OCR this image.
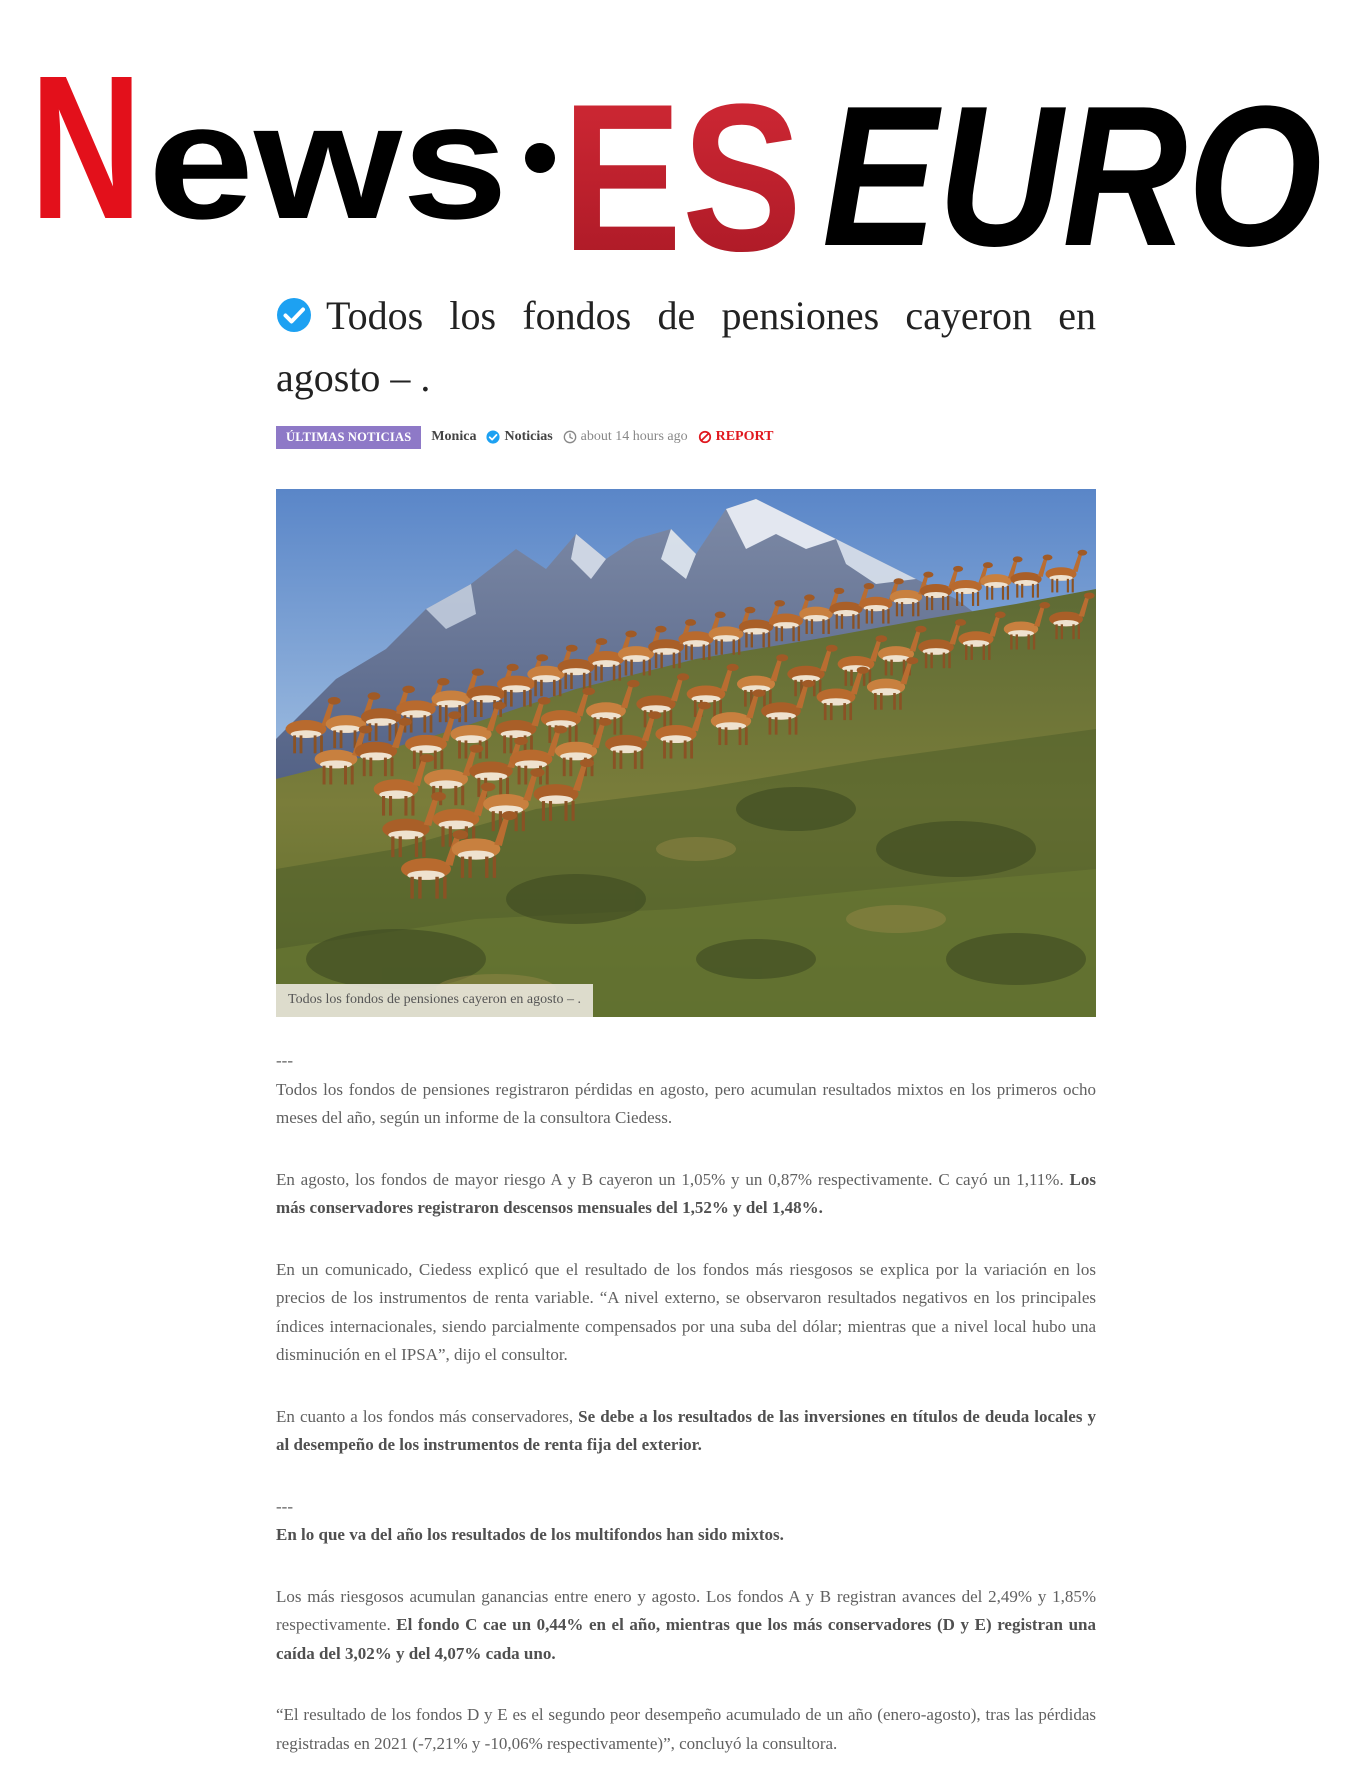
N ews ES EURO
Todos los fondos de pensiones cayeron en agosto – .
ÚLTIMAS NOTICIAS	Monica Noticias about 14 hours ago REPORT
Todos los fondos de pensiones cayeron en agosto – .
---

Todos los fondos de pensiones registraron pérdidas en agosto, pero acumulan resultados mixtos en los primeros ocho meses del año, según un informe de la consultora Ciedess.

En agosto, los fondos de mayor riesgo A y B cayeron un 1,05% y un 0,87% respectivamente. C cayó un 1,11%. Los más conservadores registraron descensos mensuales del 1,52% y del 1,48%.

En un comunicado, Ciedess explicó que el resultado de los fondos más riesgosos se explica por la variación en los precios de los instrumentos de renta variable. “A nivel externo, se observaron resultados negativos en los principales índices internacionales, siendo parcialmente compensados por una suba del dólar; mientras que a nivel local hubo una disminución en el IPSA”, dijo el consultor.

En cuanto a los fondos más conservadores, Se debe a los resultados de las inversiones en títulos de deuda locales y al desempeño de los instrumentos de renta fija del exterior.

---

En lo que va del año los resultados de los multifondos han sido mixtos.

Los más riesgosos acumulan ganancias entre enero y agosto. Los fondos A y B registran avances del 2,49% y 1,85% respectivamente. El fondo C cae un 0,44% en el año, mientras que los más conservadores (D y E) registran una caída del 3,02% y del 4,07% cada uno.

“El resultado de los fondos D y E es el segundo peor desempeño acumulado de un año (enero-agosto), tras las pérdidas registradas en 2021 (-7,21% y -10,06% respectivamente)”, concluyó la consultora.
